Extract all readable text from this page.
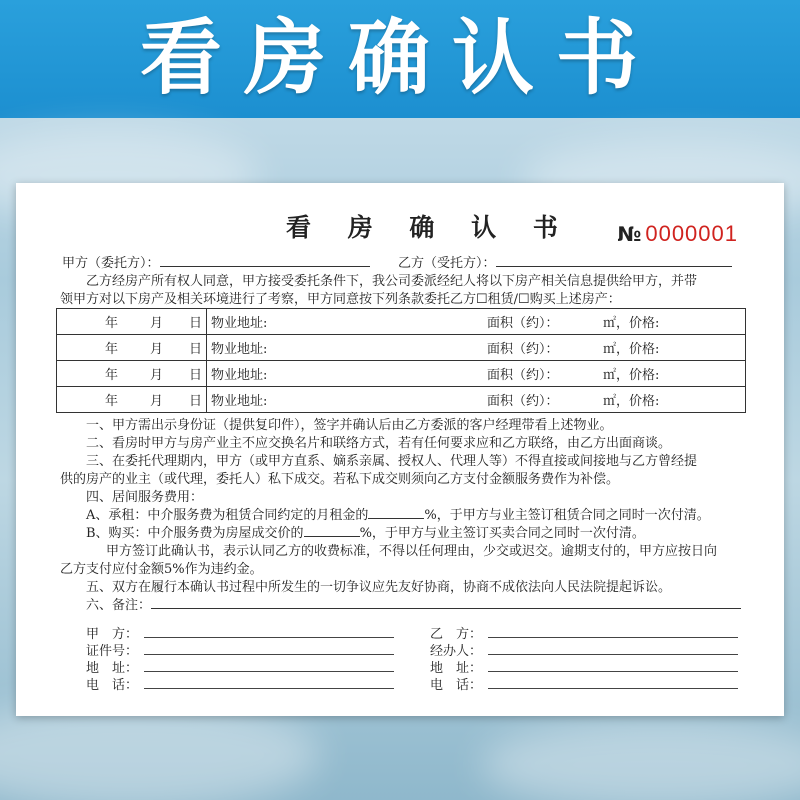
看房确认书
看 房 确 认 书 № 0000001
甲方（委托方）：	乙方（受托方）：
乙方经房产所有权人同意，甲方接受委托条件下，我公司委派经纪人将以下房产相关信息提供给甲方，并带
领甲方对以下房产及相关环境进行了考察，甲方同意按下列条款委托乙方☐租赁/☐购买上述房产：
年 月 日	物业地址: 面积（约）： ㎡，价格:
年 月 日	物业地址: 面积（约）： ㎡，价格:
年 月 日	物业地址: 面积（约）： ㎡，价格:
年 月 日	物业地址: 面积（约）： ㎡，价格:
一、甲方需出示身份证（提供复印件），签字并确认后由乙方委派的客户经理带看上述物业。
二、看房时甲方与房产业主不应交换名片和联络方式，若有任何要求应和乙方联络，由乙方出面商谈。
三、在委托代理期内，甲方（或甲方直系、嫡系亲属、授权人、代理人等）不得直接或间接地与乙方曾经提
供的房产的业主（或代理，委托人）私下成交。若私下成交则须向乙方支付金额服务费作为补偿。
四、居间服务费用：
A、承租：中介服务费为租赁合同约定的月租金的	%，于甲方与业主签订租赁合同之同时一次付清。
B、购买：中介服务费为房屋成交价的	%，于甲方与业主签订买卖合同之同时一次付清。
甲方签订此确认书，表示认同乙方的收费标准，不得以任何理由，少交或迟交。逾期支付的，甲方应按日向
乙方支付应付金额5%作为违约金。
五、双方在履行本确认书过程中所发生的一切争议应先友好协商，协商不成依法向人民法院提起诉讼。
六、备注：
甲　方：
证件号：
地　址：
电　话：
乙　方：
经办人：
地　址：
电　话：
